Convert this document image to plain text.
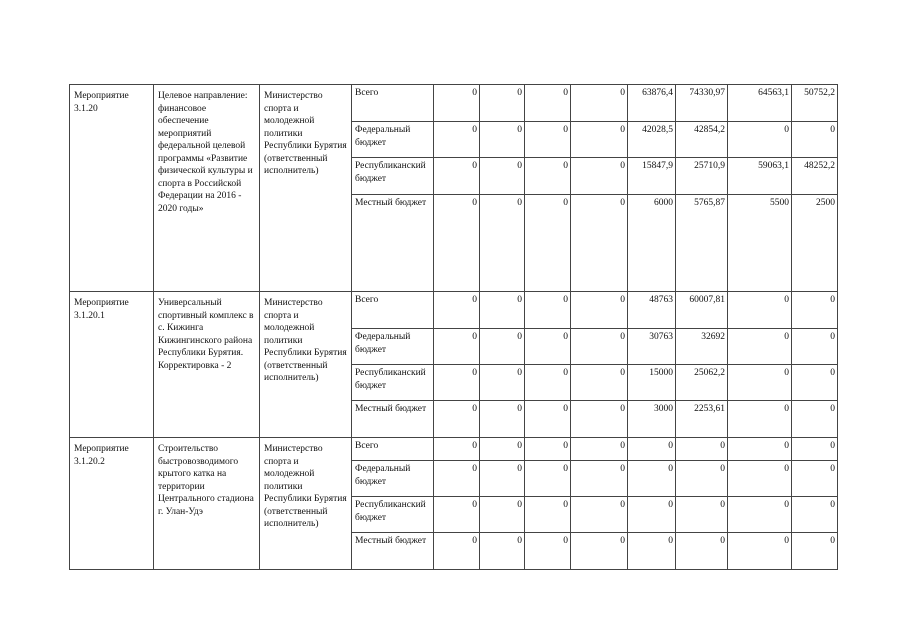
Мероприятие 3.1.20	Целевое направление: финансовое обеспечение мероприятий федеральной целевой программы «Развитие физической культуры и спорта в Российской Федерации на 2016 - 2020 годы»	Министерство спорта и молодежной политики Республики Бурятия (ответственный исполнитель)	Всего	0	0	0	0	63876,4	74330,97	64563,1	50752,2
			Федеральный бюджет	0	0	0	0	42028,5	42854,2	0	0
			Республиканский бюджет	0	0	0	0	15847,9	25710,9	59063,1	48252,2
			Местный бюджет	0	0	0	0	6000	5765,87	5500	2500
Мероприятие 3.1.20.1	Универсальный спортивный комплекс в с. Кижинга Кижингинского района Республики Бурятия. Корректировка - 2	Министерство спорта и молодежной политики Республики Бурятия (ответственный исполнитель)	Всего	0	0	0	0	48763	60007,81	0	0
			Федеральный бюджет	0	0	0	0	30763	32692	0	0
			Республиканский бюджет	0	0	0	0	15000	25062,2	0	0
			Местный бюджет	0	0	0	0	3000	2253,61	0	0
Мероприятие 3.1.20.2	Строительство быстровозводимого крытого катка на территории Центрального стадиона г. Улан-Удэ	Министерство спорта и молодежной политики Республики Бурятия (ответственный исполнитель)	Всего	0	0	0	0	0	0	0	0
			Федеральный бюджет	0	0	0	0	0	0	0	0
			Республиканский бюджет	0	0	0	0	0	0	0	0
			Местный бюджет	0	0	0	0	0	0	0	0
